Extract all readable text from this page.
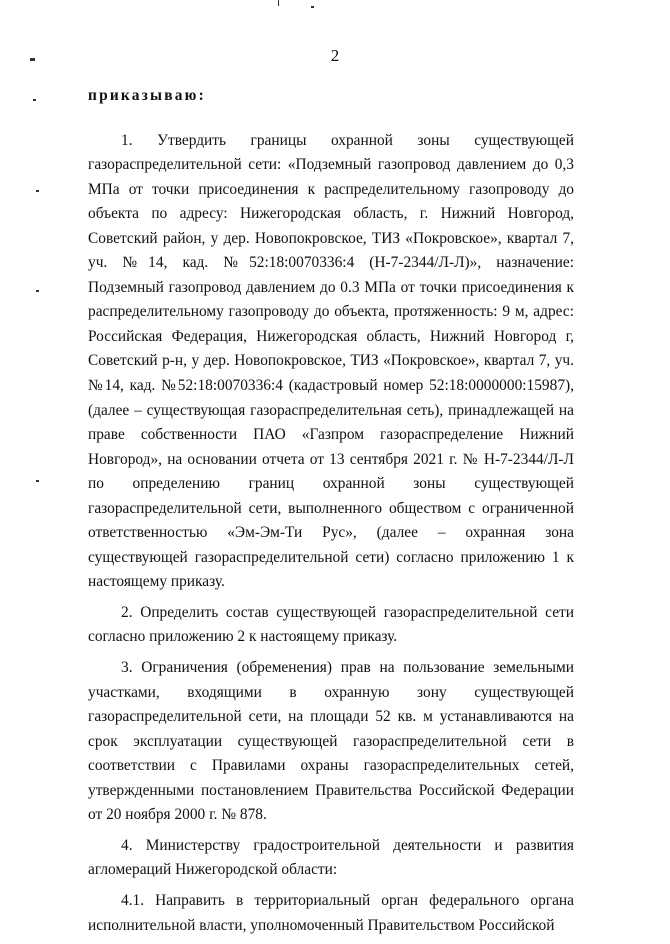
2

приказываю:

1. Утвердить границы охранной зоны существующей газораспределительной сети: «Подземный газопровод давлением до 0,3 МПа от точки присоединения к распределительному газопроводу до объекта по адресу: Нижегородская область, г. Нижний Новгород, Советский район, у дер. Новопокровское, ТИЗ «Покровское», квартал 7, уч. №14, кад. №52:18:0070336:4 (Н-7-2344/Л-Л)», назначение: Подземный газопровод давлением до 0.3 МПа от точки присоединения к распределительному газопроводу до объекта, протяженность: 9 м, адрес: Российская Федерация, Нижегородская область, Нижний Новгород г, Советский р-н, у дер. Новопокровское, ТИЗ «Покровское», квартал 7, уч. №14, кад. №52:18:0070336:4 (кадастровый номер 52:18:0000000:15987), (далее – существующая газораспределительная сеть), принадлежащей на праве собственности ПАО «Газпром газораспределение Нижний Новгород», на основании отчета от 13 сентября 2021 г. № Н-7-2344/Л-Л по определению границ охранной зоны существующей газораспределительной сети, выполненного обществом с ограниченной ответственностью «Эм-Эм-Ти Рус», (далее – охранная зона существующей газораспределительной сети) согласно приложению 1 к настоящему приказу.

2. Определить состав существующей газораспределительной сети согласно приложению 2 к настоящему приказу.

3. Ограничения (обременения) прав на пользование земельными участками, входящими в охранную зону существующей газораспределительной сети, на площади 52 кв. м устанавливаются на срок эксплуатации существующей газораспределительной сети в соответствии с Правилами охраны газораспределительных сетей, утвержденными постановлением Правительства Российской Федерации от 20 ноября 2000 г. № 878.

4. Министерству градостроительной деятельности и развития агломераций Нижегородской области:

4.1. Направить в территориальный орган федерального органа исполнительной власти, уполномоченный Правительством Российской
